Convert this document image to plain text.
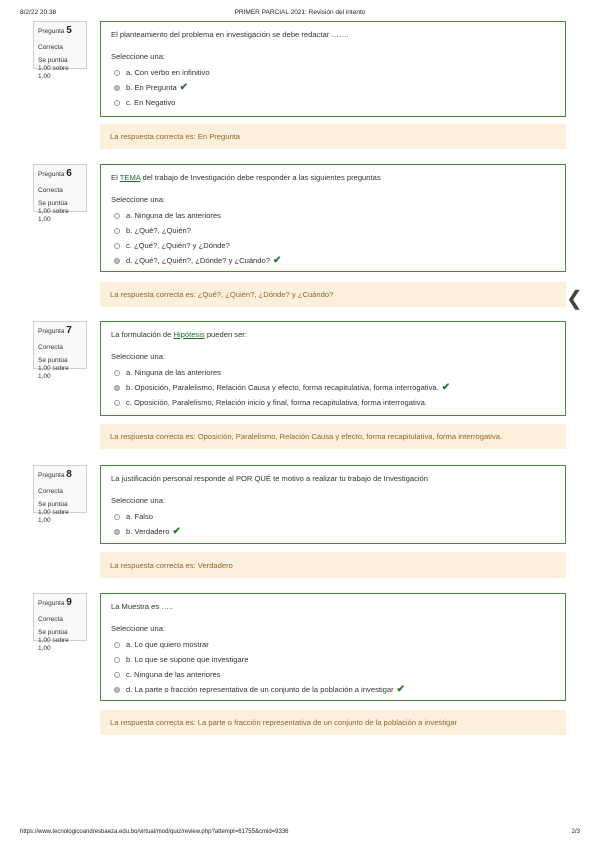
8/2/22 20:38	PRIMER PARCIAL 2021: Revisión del intento
Pregunta 5
Correcta
Se puntúa 1,00 sobre 1,00
El planteamiento del problema en investigación se debe redactar …….
Seleccione una:
a. Con verbo en infinitivo
b. En Pregunta ✔
c. En Negativo
La respuesta correcta es: En Pregunta
Pregunta 6
Correcta
Se puntúa 1,00 sobre 1,00
El TEMA del trabajo de Investigación debe responder a las siguientes preguntas
Seleccione una:
a. Ninguna de las anteriores
b. ¿Qué?, ¿Quién?
c. ¿Qué?, ¿Quién? y ¿Dónde?
d. ¿Qué?, ¿Quién?, ¿Dónde? y ¿Cuándo? ✔
La respuesta correcta es: ¿Qué?, ¿Quién?, ¿Dónde? y ¿Cuándo?
Pregunta 7
Correcta
Se puntúa 1,00 sobre 1,00
La formulación de Hipótesis pueden ser:
Seleccione una:
a. Ninguna de las anteriores
b. Oposición, Paralelismo, Relación Causa y efecto, forma recapitulativa, forma interrogativa. ✔
c. Oposición, Paralelismo, Relación inicio y final, forma recapitulativa, forma interrogativa.
La respuesta correcta es: Oposición, Paralelismo, Relación Causa y efecto, forma recapitulativa, forma interrogativa.
Pregunta 8
Correcta
Se puntúa 1,00 sobre 1,00
La justificación personal responde al POR QUÉ te motivo a realizar tu trabajo de Investigación
Seleccione una:
a. Falso
b. Verdadero ✔
La respuesta correcta es: Verdadero
Pregunta 9
Correcta
Se puntúa 1,00 sobre 1,00
La Muestra es …..
Seleccione una:
a. Lo que quiero mostrar
b. Lo que se supone que investigare
c. Ninguna de las anteriores
d. La parte o fracción representativa de un conjunto de la población a investigar ✔
La respuesta correcta es: La parte o fracción representativa de un conjunto de la población a investigar
❮
https://www.tecnologicoandresbaeza.edu.bo/virtual/mod/quiz/review.php?attempt=61755&cmid=9336	2/3
